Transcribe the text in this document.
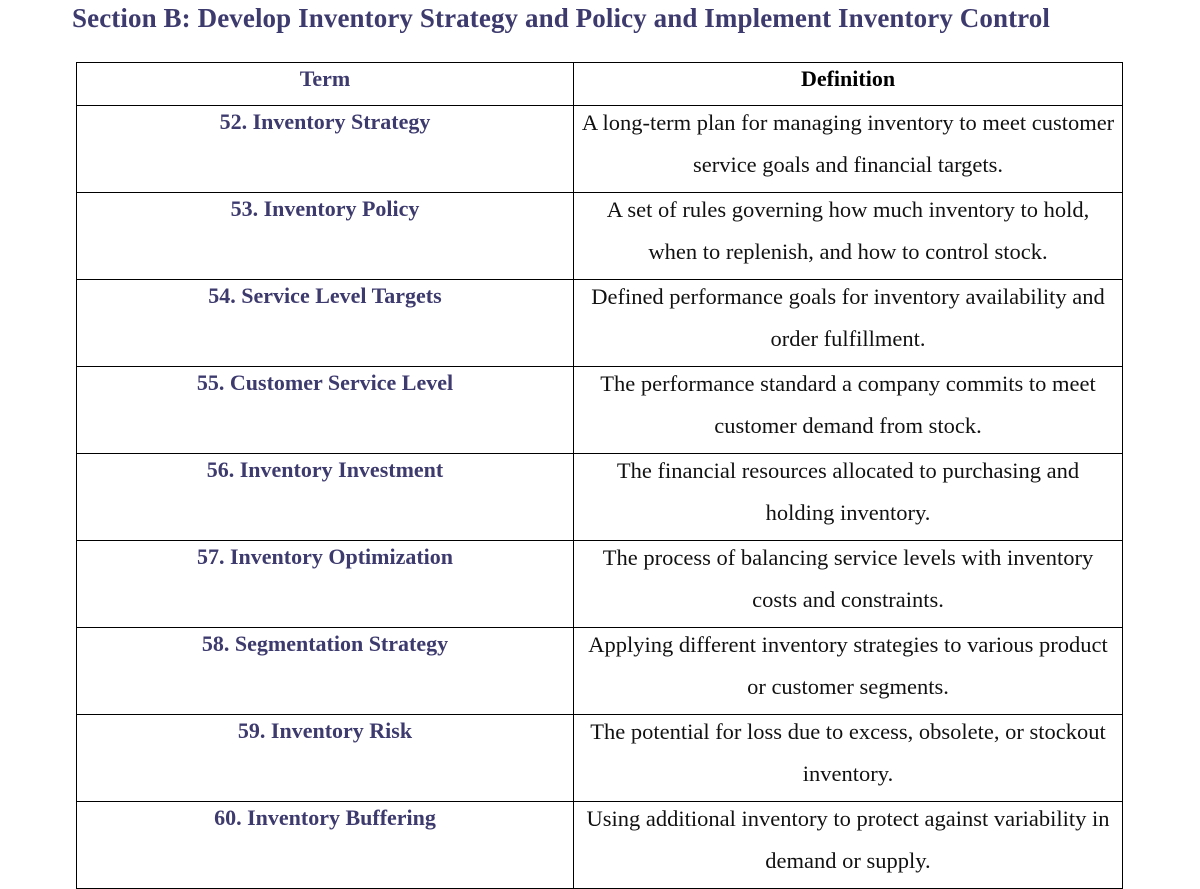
Section B: Develop Inventory Strategy and Policy and Implement Inventory Control
Term	Definition

52. Inventory Strategy	A long-term plan for managing inventory to meet customer service goals and financial targets.

53. Inventory Policy	A set of rules governing how much inventory to hold, when to replenish, and how to control stock.

54. Service Level Targets	Defined performance goals for inventory availability and order fulfillment.

55. Customer Service Level	The performance standard a company commits to meet customer demand from stock.

56. Inventory Investment	The financial resources allocated to purchasing and holding inventory.

57. Inventory Optimization	The process of balancing service levels with inventory costs and constraints.

58. Segmentation Strategy	Applying different inventory strategies to various product or customer segments.

59. Inventory Risk	The potential for loss due to excess, obsolete, or stockout inventory.

60. Inventory Buffering	Using additional inventory to protect against variability in demand or supply.
